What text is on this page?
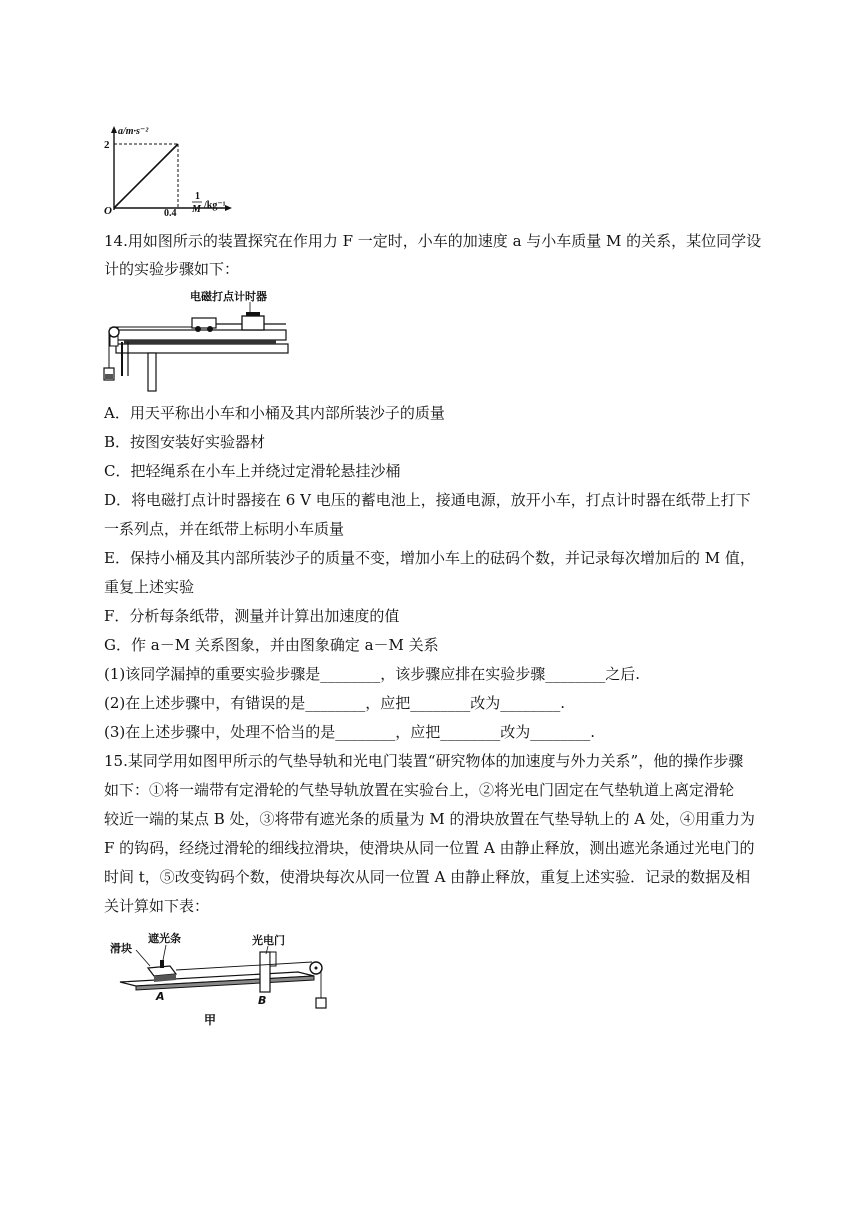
a/m·s⁻²
2
O	0.4
1
M /kg⁻¹
14.用如图所示的装置探究在作用力 F 一定时，小车的加速度 a 与小车质量 M 的关系，某位同学设
计的实验步骤如下：
电磁打点计时器
A．用天平称出小车和小桶及其内部所装沙子的质量
B．按图安装好实验器材
C．把轻绳系在小车上并绕过定滑轮悬挂沙桶
D．将电磁打点计时器接在 6 V 电压的蓄电池上，接通电源，放开小车，打点计时器在纸带上打下
一系列点，并在纸带上标明小车质量
E．保持小桶及其内部所装沙子的质量不变，增加小车上的砝码个数，并记录每次增加后的 M 值，
重复上述实验
F．分析每条纸带，测量并计算出加速度的值
G．作 a－M 关系图象，并由图象确定 a－M 关系
(1)该同学漏掉的重要实验步骤是________，该步骤应排在实验步骤________之后.
(2)在上述步骤中，有错误的是________，应把________改为________.
(3)在上述步骤中，处理不恰当的是________，应把________改为________.
15.某同学用如图甲所示的气垫导轨和光电门装置“研究物体的加速度与外力关系”，他的操作步骤
如下：①将一端带有定滑轮的气垫导轨放置在实验台上，②将光电门固定在气垫轨道上离定滑轮
较近一端的某点 B 处，③将带有遮光条的质量为 M 的滑块放置在气垫导轨上的 A 处，④用重力为
F 的钩码，经绕过滑轮的细线拉滑块，使滑块从同一位置 A 由静止释放，测出遮光条通过光电门的
时间 t，⑤改变钩码个数，使滑块每次从同一位置 A 由静止释放，重复上述实验．记录的数据及相
关计算如下表：
滑块
遮光条	光电门
A	B
甲
